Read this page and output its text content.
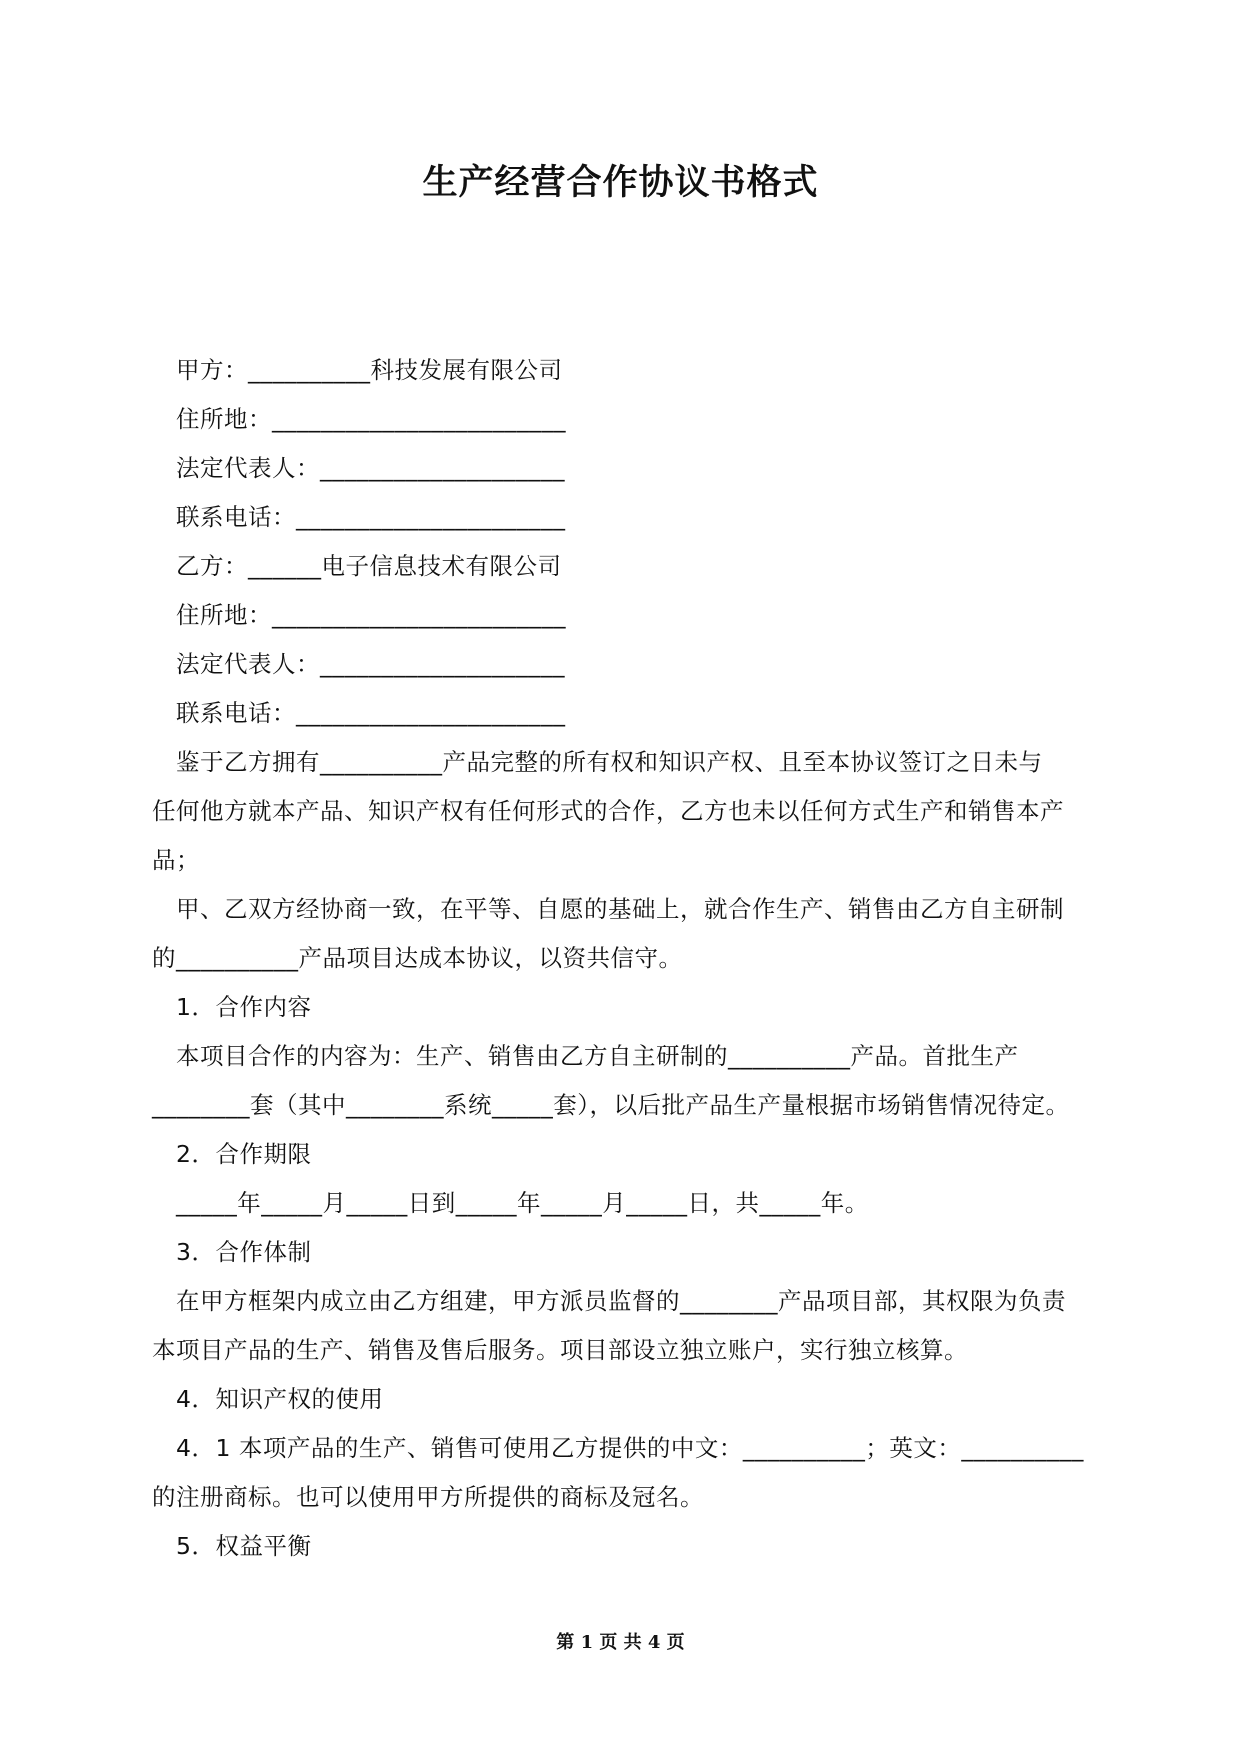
生产经营合作协议书格式
甲方：__________科技发展有限公司
住所地：________________________
法定代表人：____________________
联系电话：______________________
乙方：______电子信息技术有限公司
住所地：________________________
法定代表人：____________________
联系电话：______________________
鉴于乙方拥有__________产品完整的所有权和知识产权、且至本协议签订之日未与
任何他方就本产品、知识产权有任何形式的合作，乙方也未以任何方式生产和销售本产
品；
甲、乙双方经协商一致，在平等、自愿的基础上，就合作生产、销售由乙方自主研制
的__________产品项目达成本协议，以资共信守。
1．合作内容
本项目合作的内容为：生产、销售由乙方自主研制的__________产品。首批生产
________套（其中________系统_____套），以后批产品生产量根据市场销售情况待定。
2．合作期限
_____年_____月_____日到_____年_____月_____日，共_____年。
3．合作体制
在甲方框架内成立由乙方组建，甲方派员监督的________产品项目部，其权限为负责
本项目产品的生产、销售及售后服务。项目部设立独立账户，实行独立核算。
4．知识产权的使用
4．1 本项产品的生产、销售可使用乙方提供的中文：__________；英文：__________
的注册商标。也可以使用甲方所提供的商标及冠名。
5．权益平衡
第 1 页 共 4 页
